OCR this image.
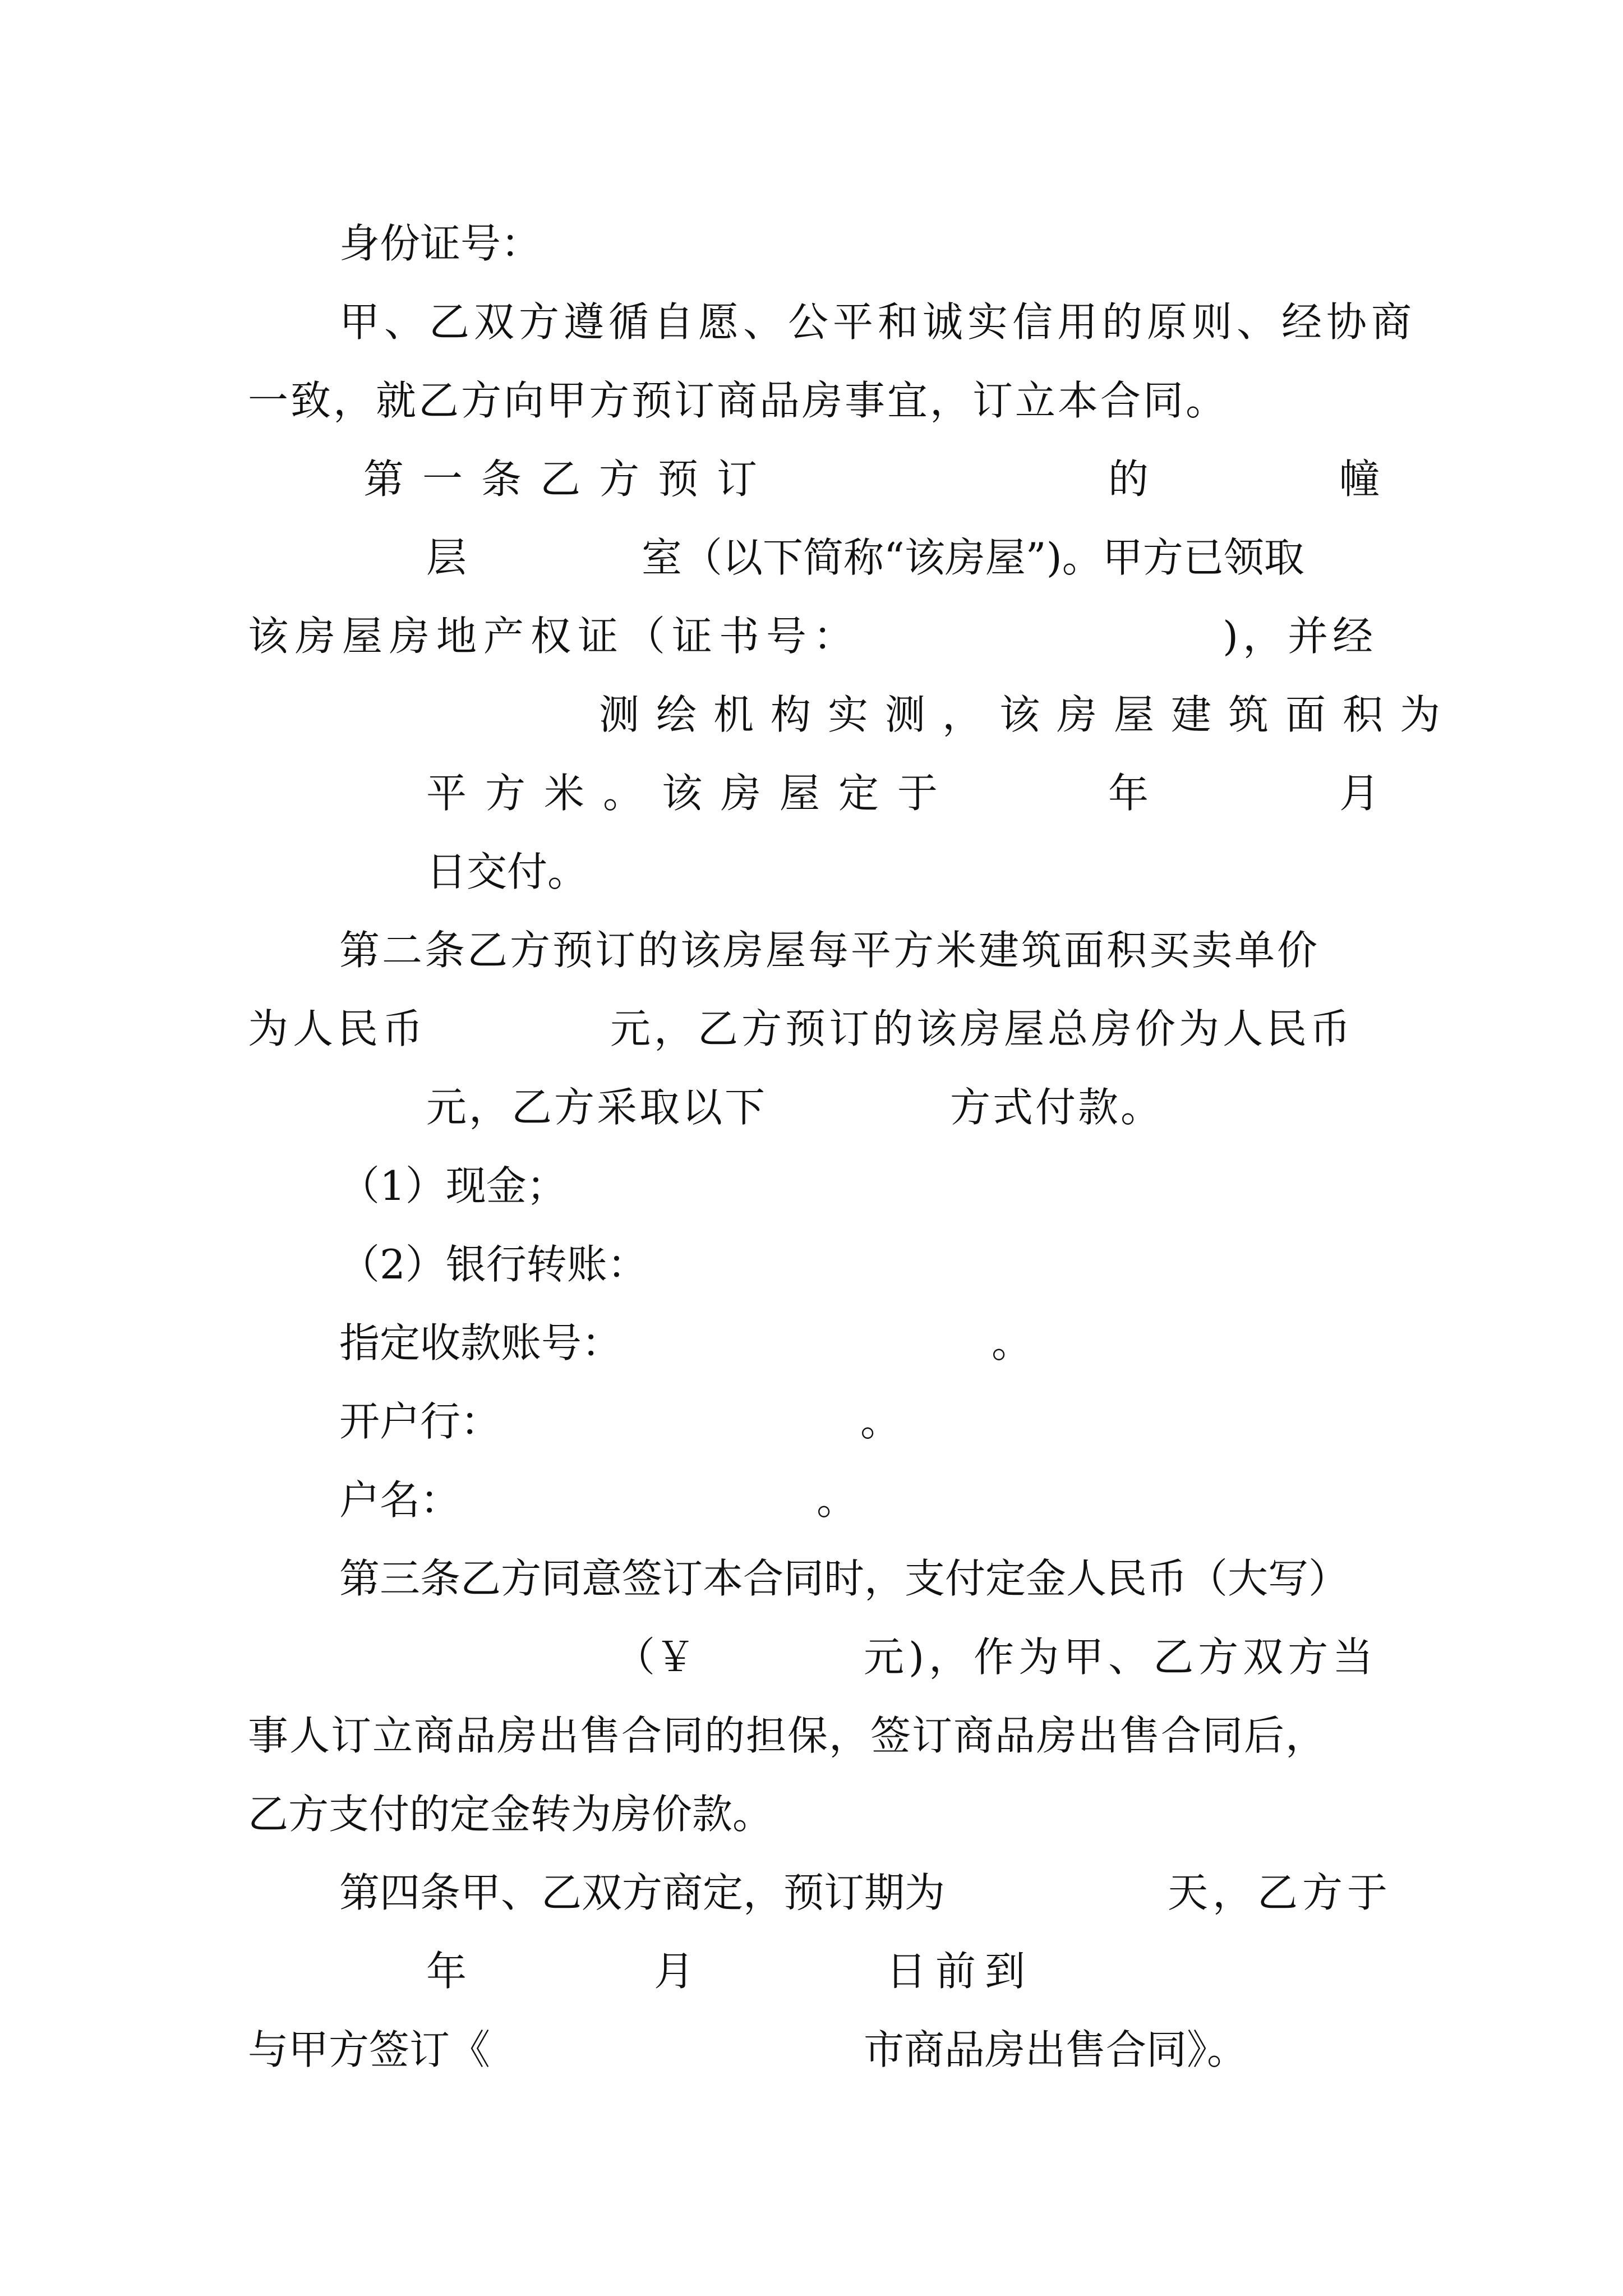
身份证号：
甲、乙双方遵循自愿、公平和诚实信用的原则、经协商
一致，就乙方向甲方预订商品房事宜，订立本合同。

第一条乙方预订

	的

	幢

层

	室（以下简称“该房屋”)。甲方已领取

该房屋房地产权证（证书号：

	)，并经

测绘机构实测，该房屋建筑面积为

平方米。该房屋定于

	年

	月

日交付。
第二条乙方预订的该房屋每平方米建筑面积买卖单价

为人民币

	元，乙方预订的该房屋总房价为人民币

元，乙方采取以下

	方式付款。

（1）现金；
（2）银行转账：

指定收款账号：

	。

开户行：

	。

户名：

	。

第三条乙方同意签订本合同时，支付定金人民币（大写）

（￥

	元)，作为甲、乙方双方当

事人订立商品房出售合同的担保，签订商品房出售合同后，
乙方支付的定金转为房价款。

第四条甲、乙双方商定，预订期为

	天，乙方于

年

	月

	日前到

与甲方签订《

	市商品房出售合同》。
